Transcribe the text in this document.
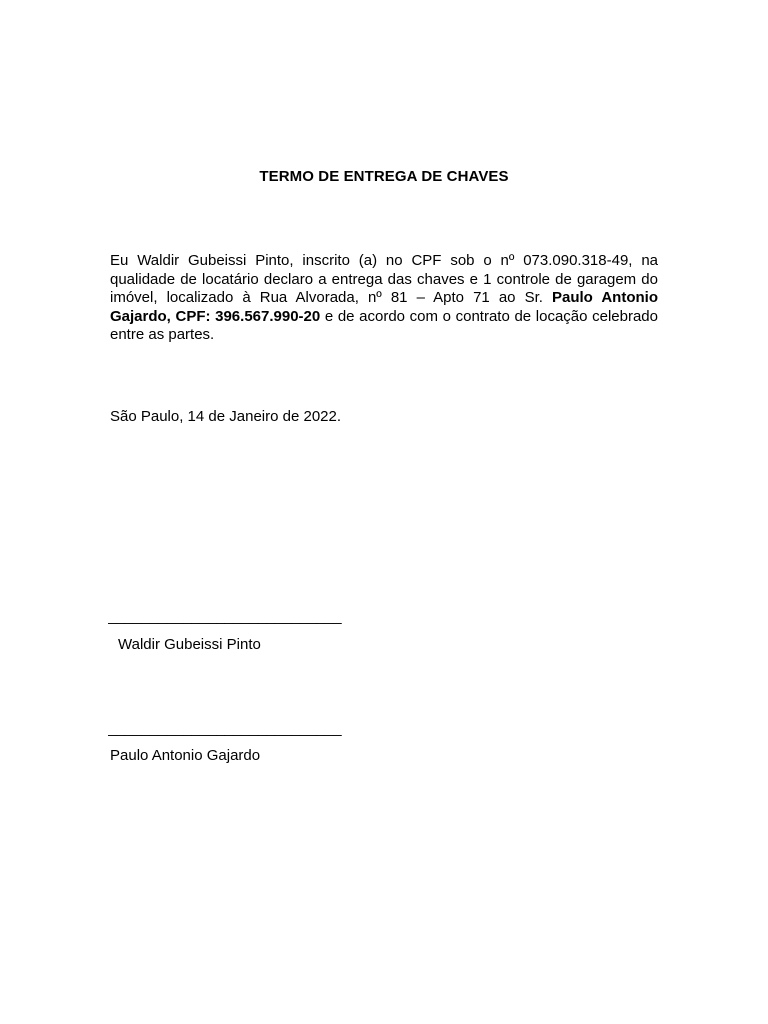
TERMO DE ENTREGA DE CHAVES
Eu Waldir Gubeissi Pinto, inscrito (a) no CPF sob o nº 073.090.318-49, na qualidade de locatário declaro a entrega das chaves e 1 controle de garagem do imóvel, localizado à Rua Alvorada, nº 81 – Apto 71 ao Sr. Paulo Antonio Gajardo, CPF: 396.567.990-20 e de acordo com o contrato de locação celebrado entre as partes.
São Paulo, 14 de Janeiro de 2022.
____________________________
Waldir Gubeissi Pinto
____________________________
Paulo Antonio Gajardo
